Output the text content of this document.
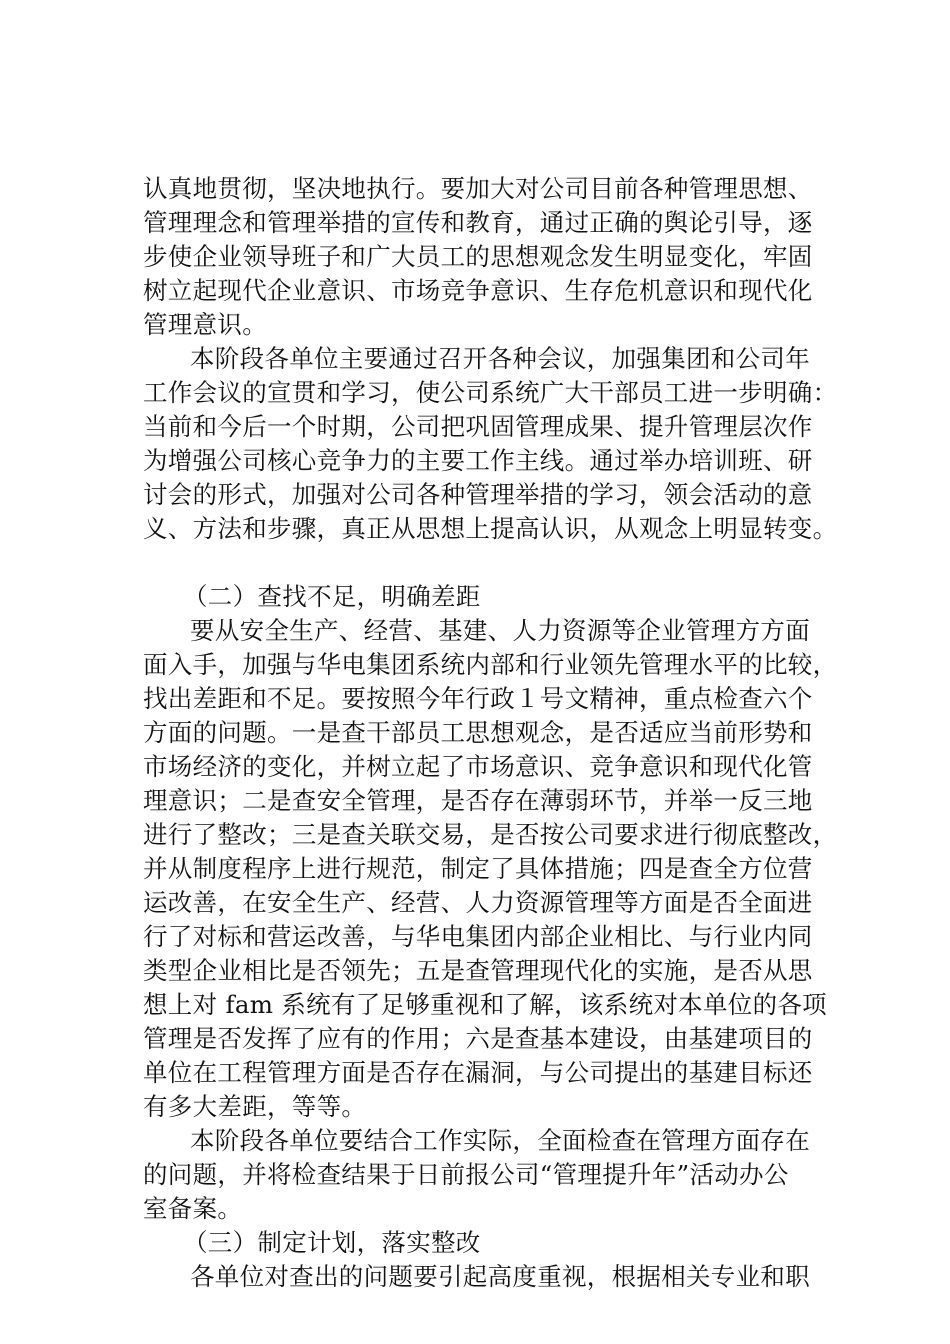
认真地贯彻，坚决地执行。要加大对公司目前各种管理思想、
管理理念和管理举措的宣传和教育，通过正确的舆论引导，逐
步使企业领导班子和广大员工的思想观念发生明显变化，牢固
树立起现代企业意识、市场竞争意识、生存危机意识和现代化
管理意识。
本阶段各单位主要通过召开各种会议，加强集团和公司年
工作会议的宣贯和学习，使公司系统广大干部员工进一步明确：
当前和今后一个时期，公司把巩固管理成果、提升管理层次作
为增强公司核心竞争力的主要工作主线。通过举办培训班、研
讨会的形式，加强对公司各种管理举措的学习，领会活动的意
义、方法和步骤，真正从思想上提高认识，从观念上明显转变。
（二）查找不足，明确差距
要从安全生产、经营、基建、人力资源等企业管理方方面
面入手，加强与华电集团系统内部和行业领先管理水平的比较，
找出差距和不足。要按照今年行政１号文精神，重点检查六个
方面的问题。一是查干部员工思想观念，是否适应当前形势和
市场经济的变化，并树立起了市场意识、竞争意识和现代化管
理意识；二是查安全管理，是否存在薄弱环节，并举一反三地
进行了整改；三是查关联交易，是否按公司要求进行彻底整改，
并从制度程序上进行规范，制定了具体措施；四是查全方位营
运改善，在安全生产、经营、人力资源管理等方面是否全面进
行了对标和营运改善，与华电集团内部企业相比、与行业内同
类型企业相比是否领先；五是查管理现代化的实施，是否从思
想上对 fam 系统有了足够重视和了解，该系统对本单位的各项
管理是否发挥了应有的作用；六是查基本建设，由基建项目的
单位在工程管理方面是否存在漏洞，与公司提出的基建目标还
有多大差距，等等。
本阶段各单位要结合工作实际，全面检查在管理方面存在
的问题，并将检查结果于日前报公司“管理提升年”活动办公
室备案。
（三）制定计划，落实整改
各单位对查出的问题要引起高度重视，根据相关专业和职
